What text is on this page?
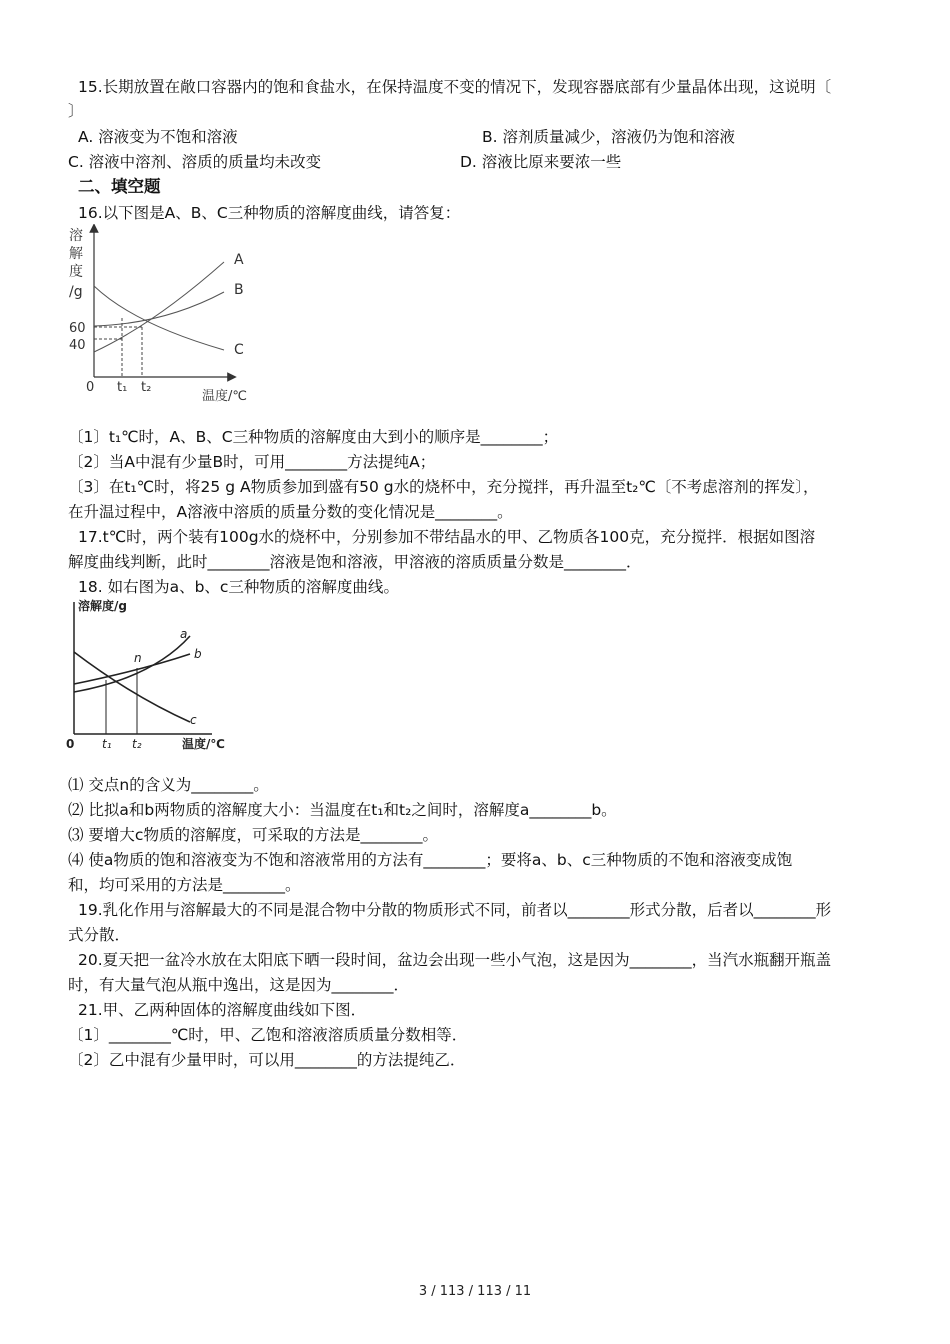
15.长期放置在敞口容器内的饱和食盐水，在保持温度不变的情况下，发现容器底部有少量晶体出现，这说明〔
〕
A. 溶液变为不饱和溶液	B. 溶剂质量减少，溶液仍为饱和溶液
C. 溶液中溶剂、溶质的质量均未改变	D. 溶液比原来要浓一些
二、填空题
16.以下图是A、B、C三种物质的溶解度曲线，请答复：
溶
解
度
/g
60
40
0 t₁ t₂
温度/℃
A
B
C
〔1〕t₁℃时，A、B、C三种物质的溶解度由大到小的顺序是________；
〔2〕当A中混有少量B时，可用________方法提纯A；
〔3〕在t₁℃时，将25 g A物质参加到盛有50 g水的烧杯中，充分搅拌，再升温至t₂℃〔不考虑溶剂的挥发〕，
在升温过程中，A溶液中溶质的质量分数的变化情况是________。
17.t℃时，两个装有100g水的烧杯中，分别参加不带结晶水的甲、乙物质各100克，充分搅拌．根据如图溶
解度曲线判断，此时________溶液是饱和溶液，甲溶液的溶质质量分数是________．
18. 如右图为a、b、c三种物质的溶解度曲线。
溶解度/g
0 t₁ t₂	温度/℃
n
a
b
c
⑴ 交点n的含义为________。
⑵ 比拟a和b两物质的溶解度大小：当温度在t₁和t₂之间时，溶解度a________b。
⑶ 要增大c物质的溶解度，可采取的方法是________。
⑷ 使a物质的饱和溶液变为不饱和溶液常用的方法有________；要将a、b、c三种物质的不饱和溶液变成饱
和，均可采用的方法是________。
19.乳化作用与溶解最大的不同是混合物中分散的物质形式不同，前者以________形式分散，后者以________形
式分散．
20.夏天把一盆冷水放在太阳底下晒一段时间，盆边会出现一些小气泡，这是因为________，当汽水瓶翻开瓶盖
时，有大量气泡从瓶中逸出，这是因为________．
21.甲、乙两种固体的溶解度曲线如下图．
〔1〕________℃时，甲、乙饱和溶液溶质质量分数相等．
〔2〕乙中混有少量甲时，可以用________的方法提纯乙．
3 / 113 / 113 / 11
